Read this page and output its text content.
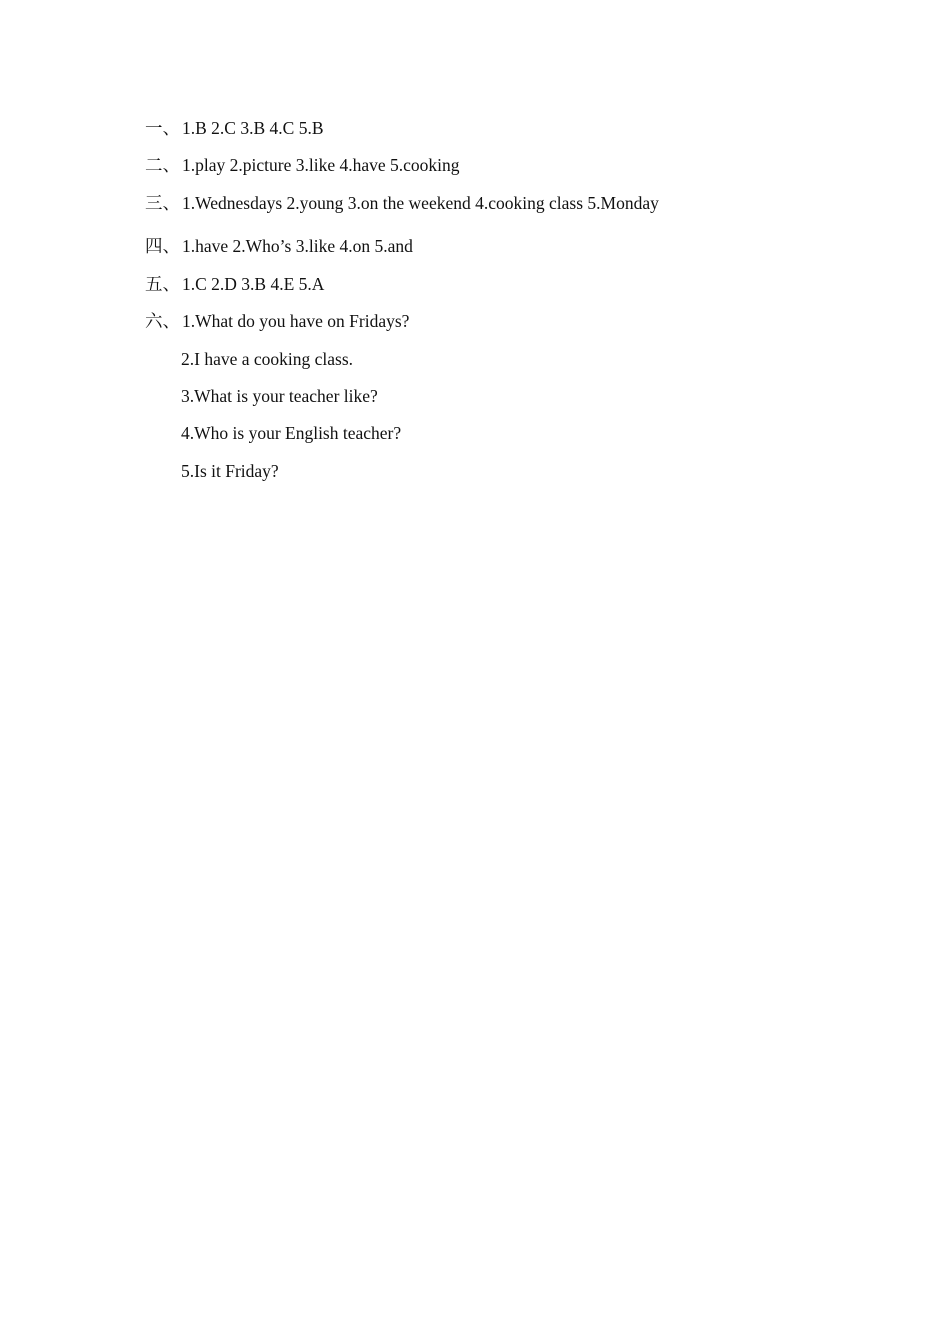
一、 1.B 2.C 3.B 4.C 5.B
二、 1.play 2.picture 3.like 4.have 5.cooking
三、 1.Wednesdays 2.young 3.on the weekend 4.cooking class 5.Monday
四、 1.have 2.Who’s 3.like 4.on 5.and
五、 1.C 2.D 3.B 4.E 5.A
六、 1.What do you have on Fridays?
2.I have a cooking class.
3.What is your teacher like?
4.Who is your English teacher?
5.Is it Friday?
